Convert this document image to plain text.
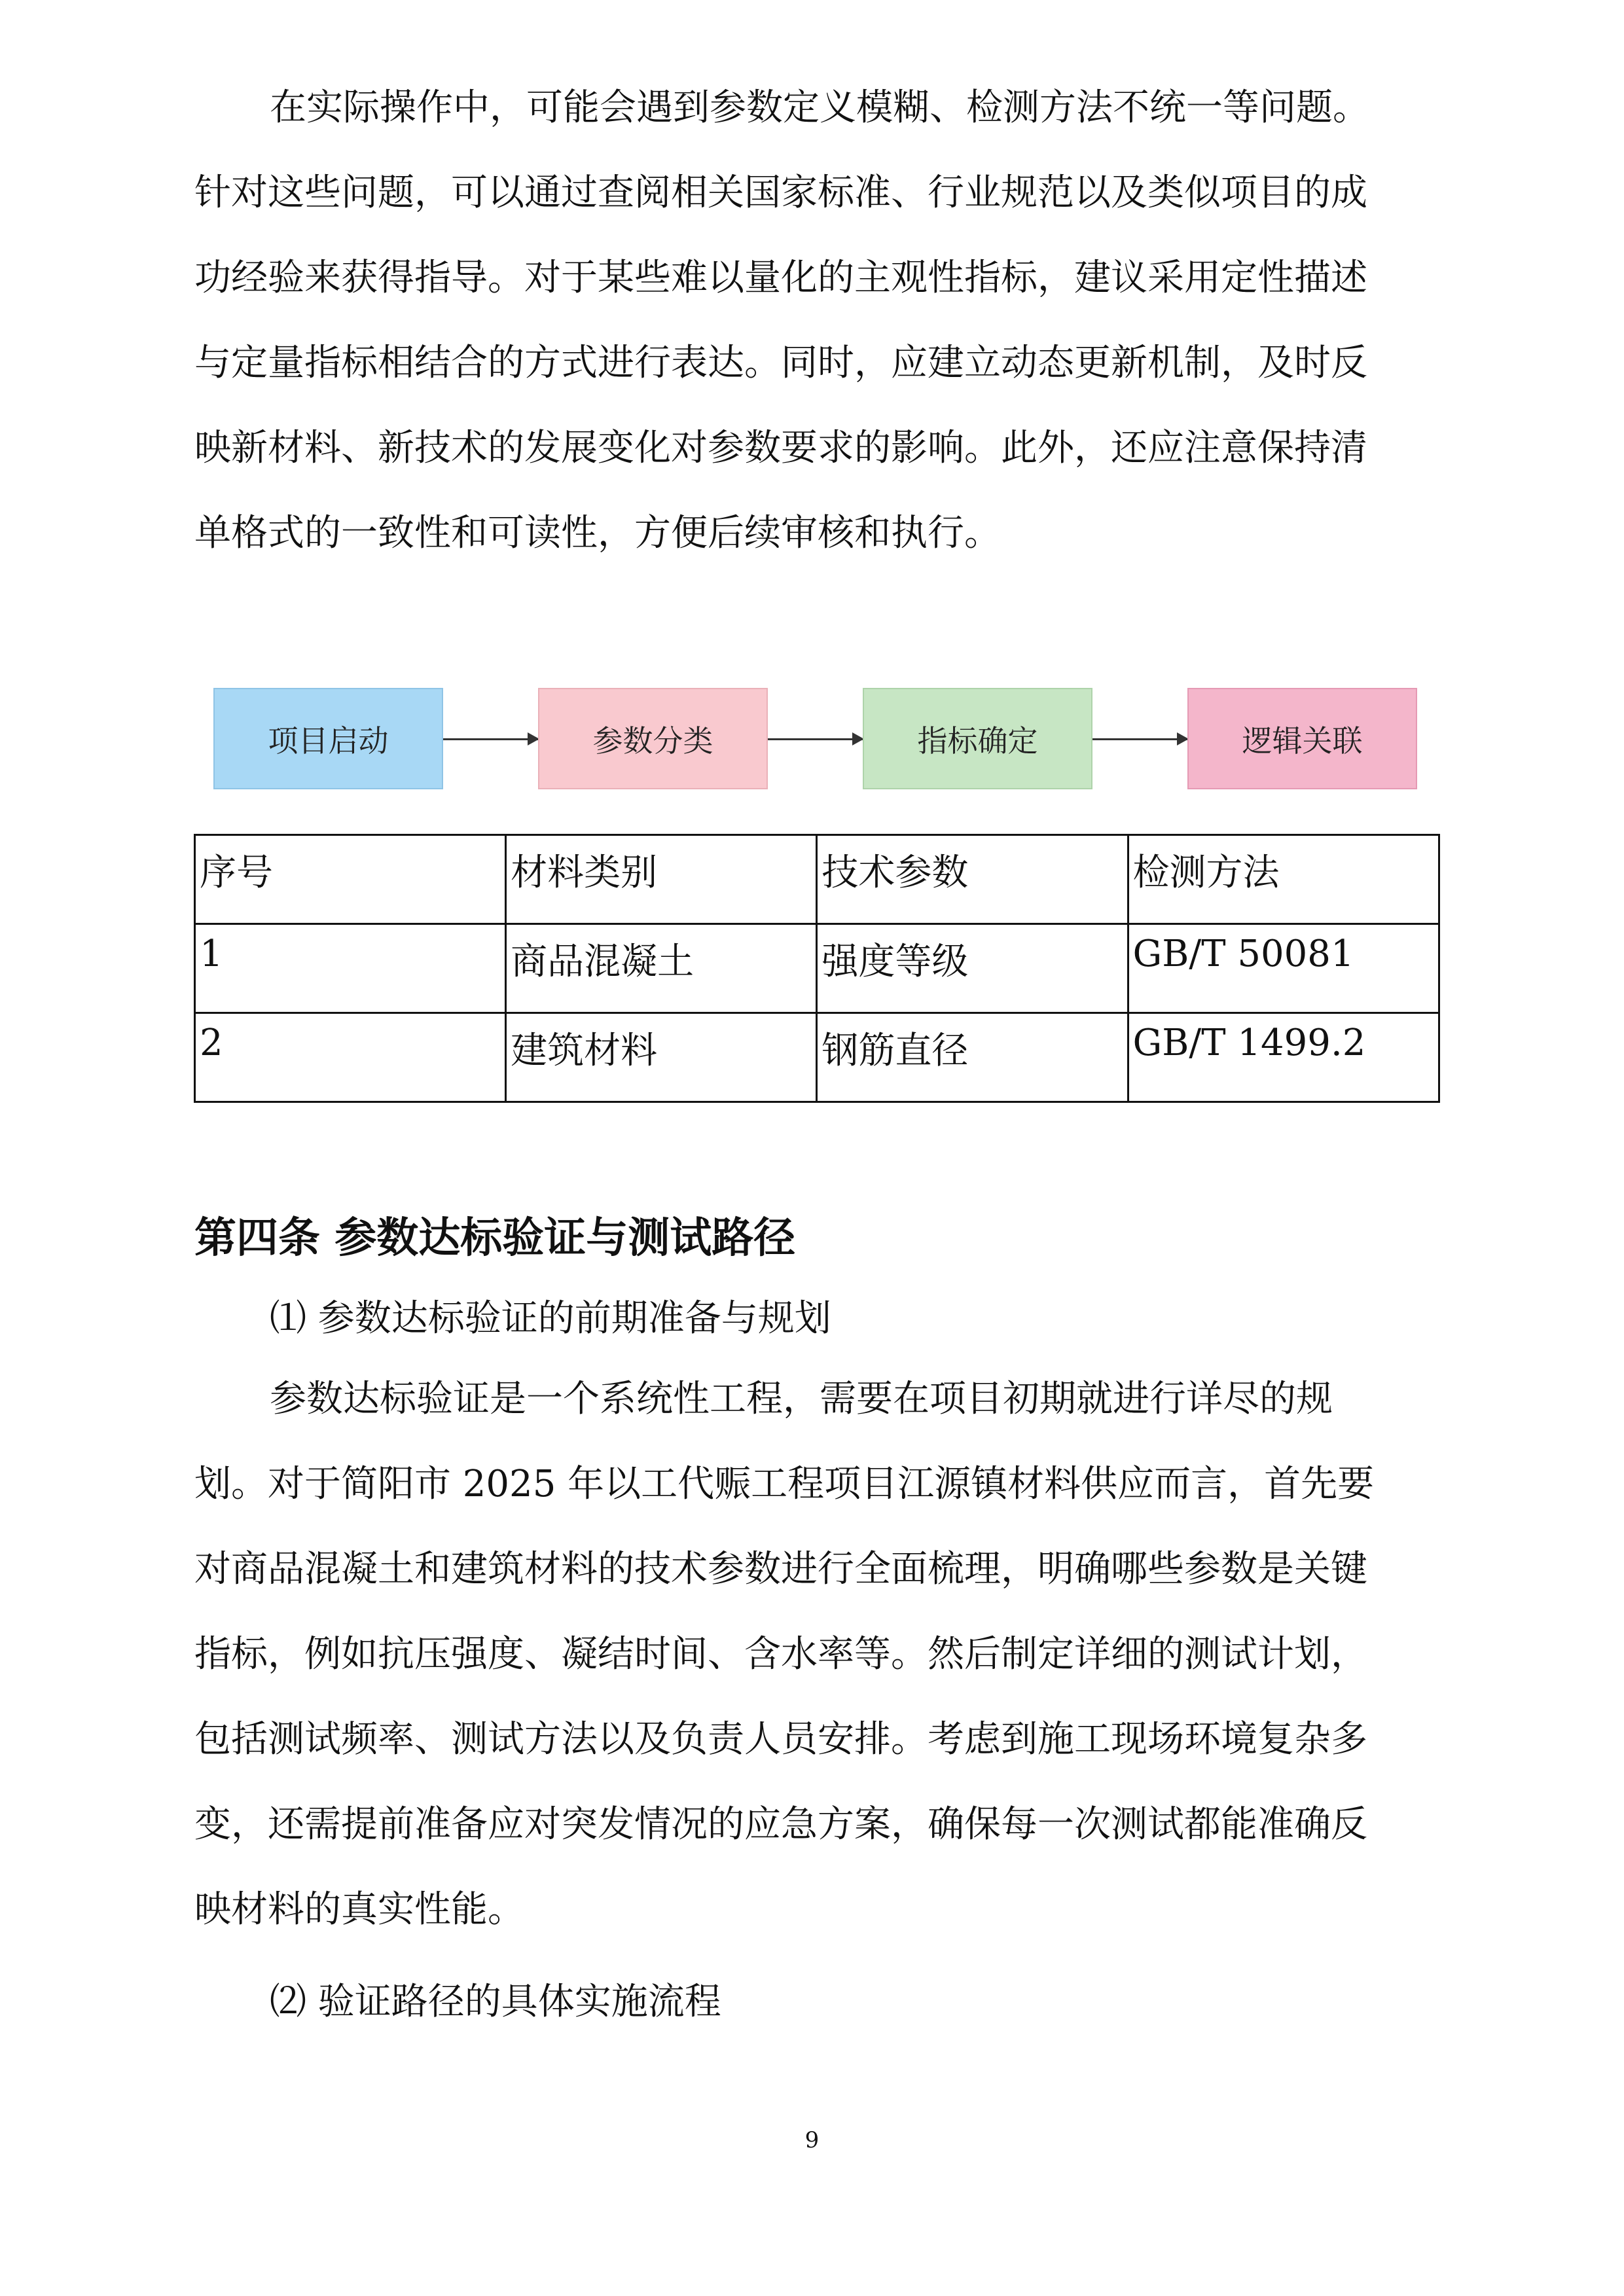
在实际操作中，可能会遇到参数定义模糊、检测方法不统一等问题。
针对这些问题，可以通过查阅相关国家标准、行业规范以及类似项目的成
功经验来获得指导。对于某些难以量化的主观性指标，建议采用定性描述
与定量指标相结合的方式进行表达。同时，应建立动态更新机制，及时反
映新材料、新技术的发展变化对参数要求的影响。此外，还应注意保持清
单格式的一致性和可读性，方便后续审核和执行。
项目启动	参数分类	指标确定	逻辑关联
序号	材料类别	技术参数	检测方法
1	商品混凝土	强度等级	GB/T 50081
2	建筑材料	钢筋直径	GB/T 1499.2
第四条 参数达标验证与测试路径

⑴ 参数达标验证的前期准备与规划

参数达标验证是一个系统性工程，需要在项目初期就进行详尽的规
划。对于简阳市 2025 年以工代赈工程项目江源镇材料供应而言，首先要
对商品混凝土和建筑材料的技术参数进行全面梳理，明确哪些参数是关键
指标，例如抗压强度、凝结时间、含水率等。然后制定详细的测试计划，
包括测试频率、测试方法以及负责人员安排。考虑到施工现场环境复杂多
变，还需提前准备应对突发情况的应急方案，确保每一次测试都能准确反
映材料的真实性能。

⑵ 验证路径的具体实施流程

9
